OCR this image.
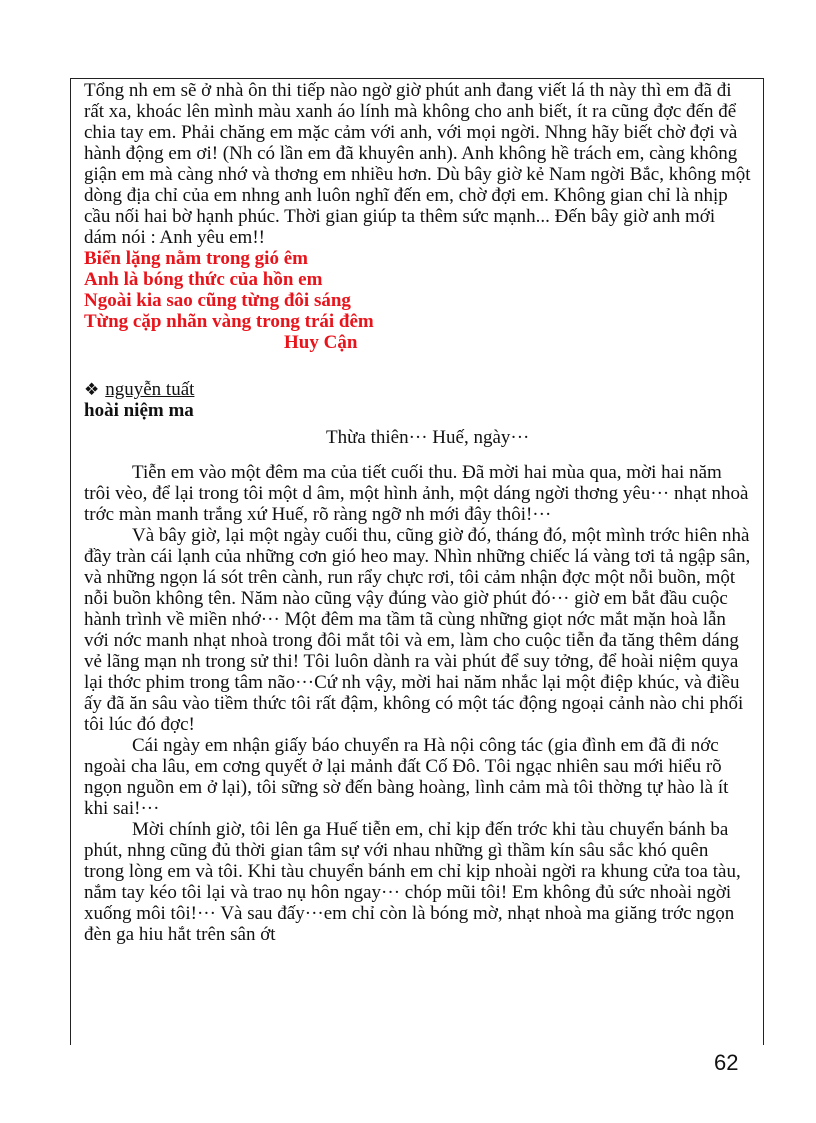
Tổng nh em sẽ ở nhà ôn thi tiếp nào ngờ giờ phút anh đang viết lá th này thì em đã đi rất xa, khoác lên mình màu xanh áo lính mà không cho anh biết, ít ra cũng đợc đến để chia tay em. Phải chăng em mặc cảm với anh, với mọi ngời. Nhng hãy biết chờ đợi và hành động em ơi! (Nh có lần em đã khuyên anh). Anh không hề trách em, càng không giận em mà càng nhớ và thơng em nhiều hơn. Dù bây giờ kẻ Nam ngời Bắc, không một dòng địa chỉ của em nhng anh luôn nghĩ đến em, chờ đợi em. Không gian chỉ là nhịp cầu nối hai bờ hạnh phúc. Thời gian giúp ta thêm sức mạnh... Đến bây giờ anh mới dám nói : Anh yêu em!!

Biển lặng nằm trong gió êm

Anh là bóng thức của hồn em

Ngoài kia sao cũng từng đôi sáng

Từng cặp nhãn vàng trong trái đêm

Huy Cận

❖ nguyễn tuất

hoài niệm ma

Thừa thiên··· Huế, ngày···

Tiễn em vào một đêm ma của tiết cuối thu. Đã mời hai mùa qua, mời hai năm trôi vèo, để lại trong tôi một d âm, một hình ảnh, một dáng ngời thơng yêu··· nhạt nhoà trớc màn manh trắng xứ Huế, rõ ràng ngỡ nh mới đây thôi!···

Và bây giờ, lại một ngày cuối thu, cũng giờ đó, tháng đó, một mình trớc hiên nhà đầy tràn cái lạnh của những cơn gió heo may. Nhìn những chiếc lá vàng tơi tả ngập sân, và những ngọn lá sót trên cành, run rẩy chực rơi, tôi cảm nhận đợc một nỗi buồn, một nỗi buồn không tên. Năm nào cũng vậy đúng vào giờ phút đó··· giờ em bắt đầu cuộc hành trình về miền nhớ··· Một đêm ma tầm tã cùng những giọt nớc mắt mặn hoà lẫn với nớc manh nhạt nhoà trong đôi mắt tôi và em, làm cho cuộc tiễn đa tăng thêm dáng vẻ lãng mạn nh trong sử thi! Tôi luôn dành ra vài phút để suy tởng, để hoài niệm quya lại thớc phim trong tâm não···Cứ nh vậy, mời hai năm nhắc lại một điệp khúc, và điều ấy đã ăn sâu vào tiềm thức tôi rất đậm, không có một tác động ngoại cảnh nào chi phối tôi lúc đó đợc!

Cái ngày em nhận giấy báo chuyển ra Hà nội công tác (gia đình em đã đi nớc ngoài cha lâu, em cơng quyết ở lại mảnh đất Cố Đô. Tôi ngạc nhiên sau mới hiểu rõ ngọn nguồn em ở lại), tôi sững sờ đến bàng hoàng, lình cảm mà tôi thờng tự hào là ít khi sai!···

Mời chính giờ, tôi lên ga Huế tiễn em, chỉ kịp đến trớc khi tàu chuyển bánh ba phút, nhng cũng đủ thời gian tâm sự với nhau những gì thầm kín sâu sắc khó quên trong lòng em và tôi. Khi tàu chuyển bánh em chỉ kịp nhoài ngời ra khung cửa toa tàu, nắm tay kéo tôi lại và trao nụ hôn ngay··· chóp mũi tôi! Em không đủ sức nhoài ngời xuống môi tôi!··· Và sau đấy···em chỉ còn là bóng mờ, nhạt nhoà ma giăng trớc ngọn đèn ga hiu hắt trên sân ớt

62
